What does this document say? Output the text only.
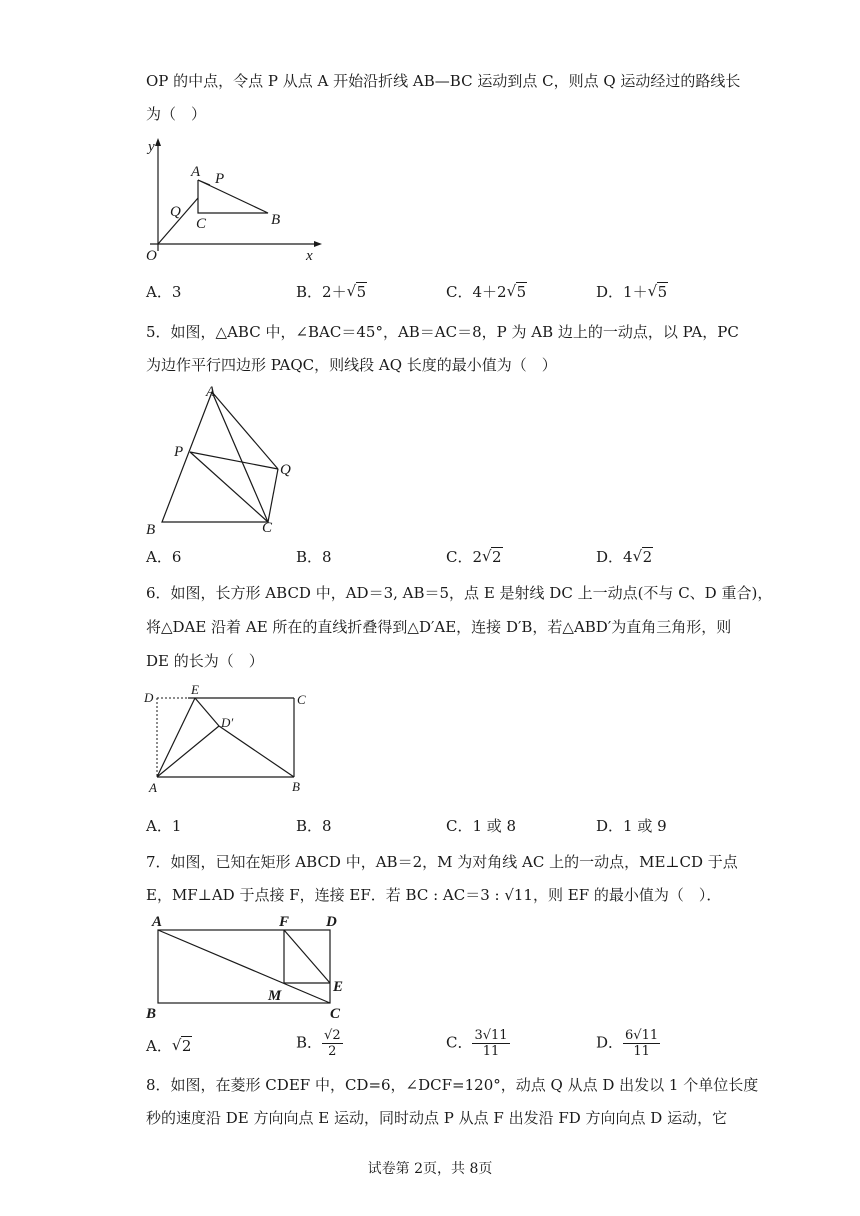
OP 的中点，令点 P 从点 A 开始沿折线 AB—BC 运动到点 C，则点 Q 运动经过的路线长
为（　）
y
x
O
A P
Q
C	B
A．3	B．2＋ √ 5	C．4＋2 √ 5	D．1＋ √ 5
5．如图，△ABC 中，∠BAC＝45°，AB＝AC＝8，P 为 AB 边上的一动点，以 PA，PC
为边作平行四边形 PAQC，则线段 AQ 长度的最小值为（　）
A
P
Q
B	C
A．6	B．8	C．2 √ 2	D．4 √ 2
6．如图，长方形 ABCD 中，AD＝3, AB＝5，点 E 是射线 DC 上一动点(不与 C、D 重合)，
将△DAE 沿着 AE 所在的直线折叠得到△D′AE，连接 D′B，若△ABD′为直角三角形，则
DE 的长为（　）
D
E
C
D′
A	B
A．1	B．8	C．1 或 8	D．1 或 9
7．如图，已知在矩形 ABCD 中，AB＝2，M 为对角线 AC 上的一动点，ME⊥CD 于点
E，MF⊥AD 于点接 F，连接 EF．若 BC : AC＝3 : √11，则 EF 的最小值为（　）．
A	F D
E
M
B	C
A． √ 2	B． $\frac{√2}{2}$	C． $\frac{3√11}{11}$	D． $\frac{6√11}{11}$
8．如图，在菱形 CDEF 中，CD=6，∠DCF=120°，动点 Q 从点 D 出发以 1 个单位长度
秒的速度沿 DE 方向向点 E 运动，同时动点 P 从点 F 出发沿 FD 方向向点 D 运动，它
试卷第 2页，共 8页
